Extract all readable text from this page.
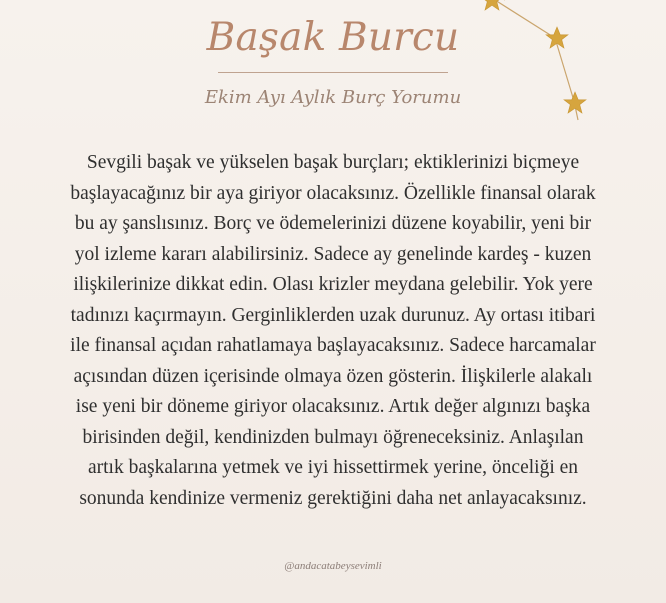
Başak Burcu
Ekim Ayı Aylık Burç Yorumu
Sevgili başak ve yükselen başak burçları; ektiklerinizi biçmeye
başlayacağınız bir aya giriyor olacaksınız. Özellikle finansal olarak
bu ay şanslısınız. Borç ve ödemelerinizi düzene koyabilir, yeni bir
yol izleme kararı alabilirsiniz. Sadece ay genelinde kardeş - kuzen
ilişkilerinize dikkat edin. Olası krizler meydana gelebilir. Yok yere
tadınızı kaçırmayın. Gerginliklerden uzak durunuz. Ay ortası itibari
ile finansal açıdan rahatlamaya başlayacaksınız. Sadece harcamalar
açısından düzen içerisinde olmaya özen gösterin. İlişkilerle alakalı
ise yeni bir döneme giriyor olacaksınız. Artık değer algınızı başka
birisinden değil, kendinizden bulmayı öğreneceksiniz. Anlaşılan
artık başkalarına yetmek ve iyi hissettirmek yerine, önceliği en
sonunda kendinize vermeniz gerektiğini daha net anlayacaksınız.
@andacatabeysevimli
